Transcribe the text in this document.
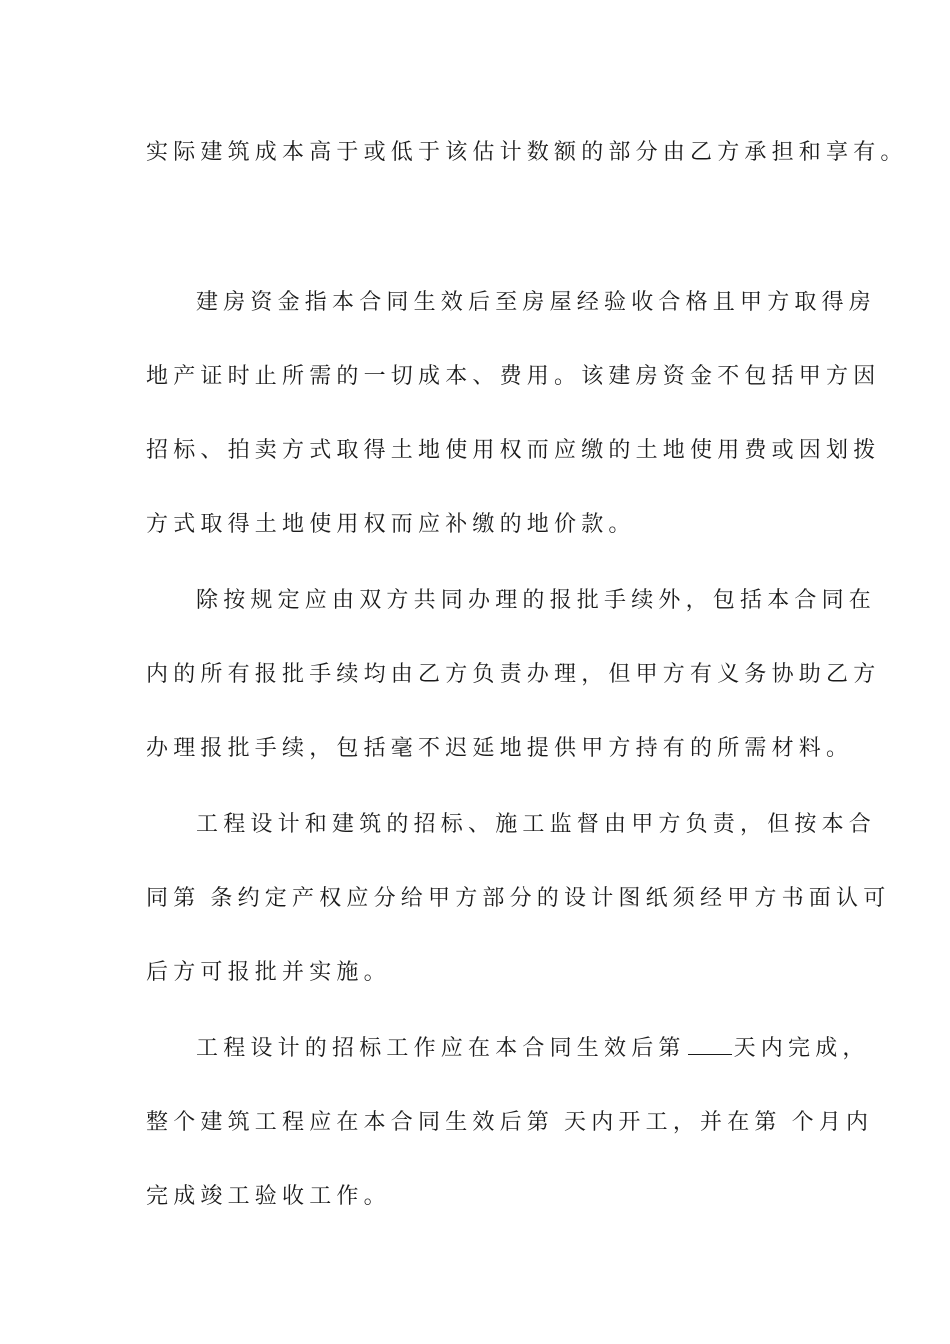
实际建筑成本高于或低于该估计数额的部分由乙方承担和享有。
建房资金指本合同生效后至房屋经验收合格且甲方取得房
地产证时止所需的一切成本、费用。该建房资金不包括甲方因
招标、拍卖方式取得土地使用权而应缴的土地使用费或因划拨
方式取得土地使用权而应补缴的地价款。
除按规定应由双方共同办理的报批手续外，包括本合同在
内的所有报批手续均由乙方负责办理，但甲方有义务协助乙方
办理报批手续，包括毫不迟延地提供甲方持有的所需材料。
工程设计和建筑的招标、施工监督由甲方负责，但按本合
同第 条约定产权应分给甲方部分的设计图纸须经甲方书面认可
后方可报批并实施。
工程设计的招标工作应在本合同生效后第 天内完成，
整个建筑工程应在本合同生效后第 天内开工，并在第 个月内
完成竣工验收工作。
